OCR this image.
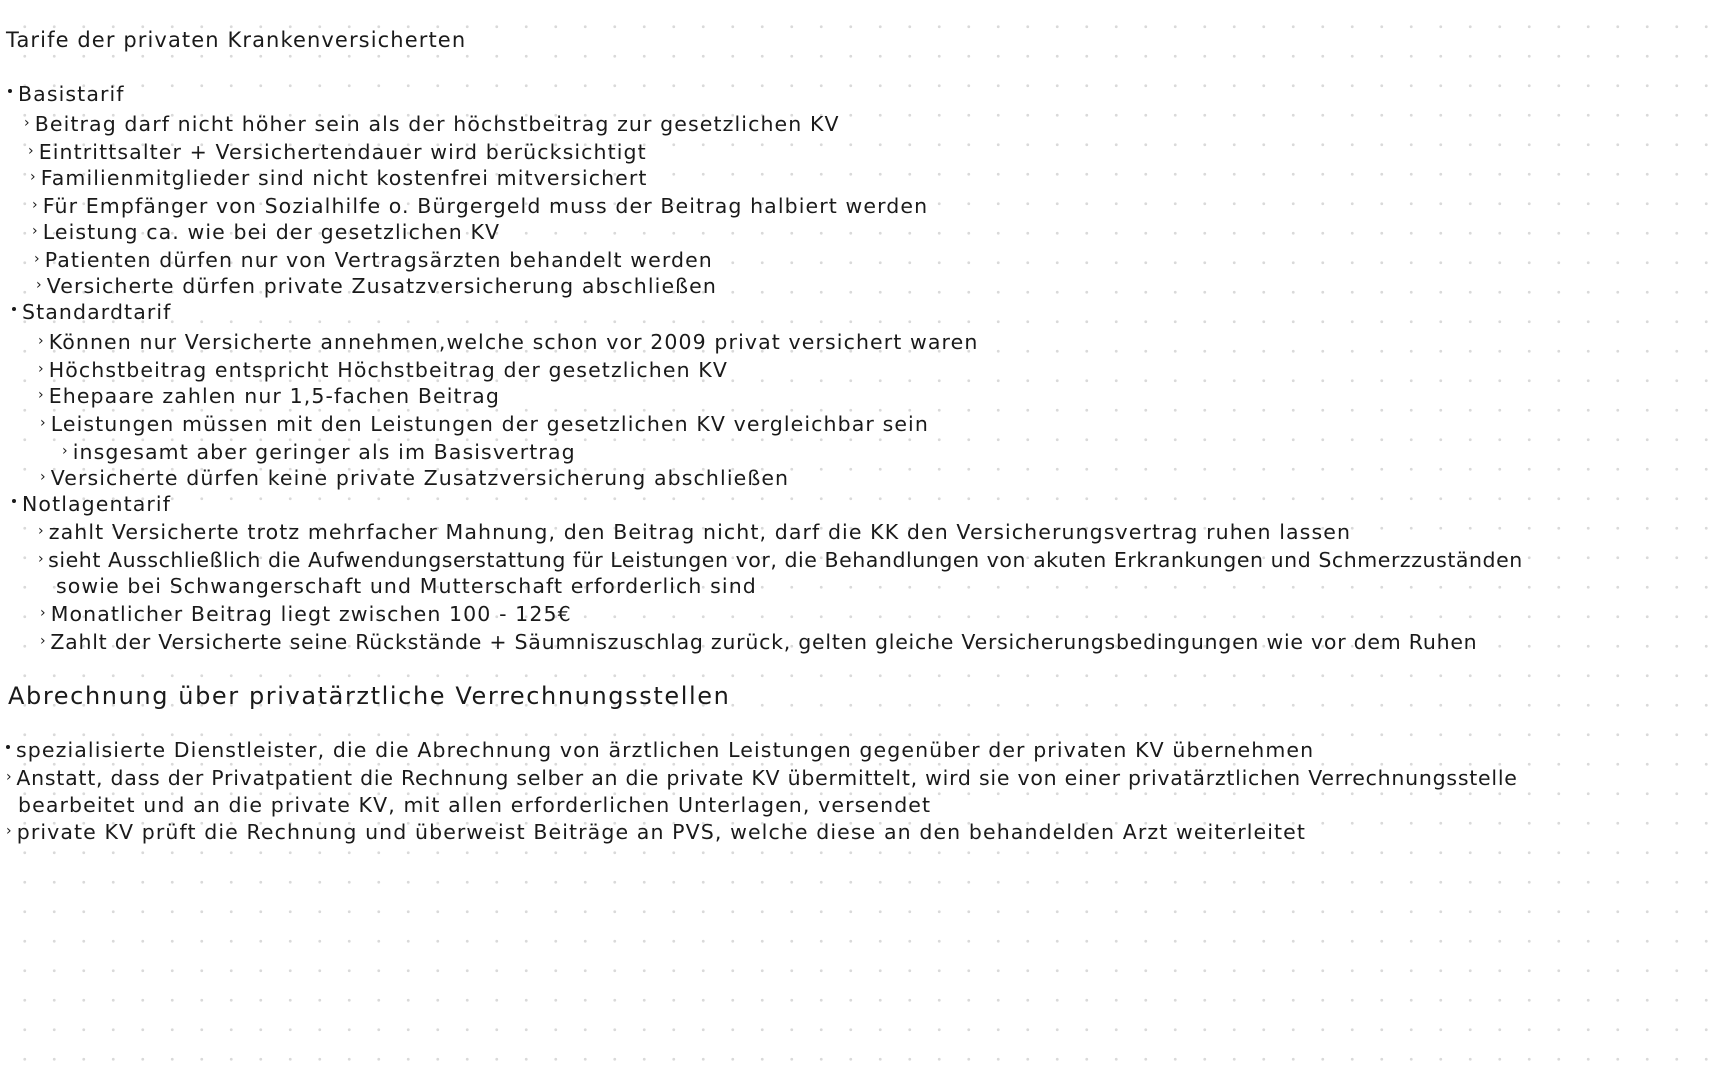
Tarife der privaten Krankenversicherten
Basistarif
› Beitrag darf nicht höher sein als der höchstbeitrag zur gesetzlichen KV
› Eintrittsalter + Versichertendauer wird berücksichtigt
› Familienmitglieder sind nicht kostenfrei mitversichert
› Für Empfänger von Sozialhilfe o. Bürgergeld muss der Beitrag halbiert werden
› Leistung ca. wie bei der gesetzlichen KV
› Patienten dürfen nur von Vertragsärzten behandelt werden
› Versicherte dürfen private Zusatzversicherung abschließen
Standardtarif
› Können nur Versicherte annehmen,welche schon vor 2009 privat versichert waren
› Höchstbeitrag entspricht Höchstbeitrag der gesetzlichen KV
› Ehepaare zahlen nur 1,5-fachen Beitrag
› Leistungen müssen mit den Leistungen der gesetzlichen KV vergleichbar sein
› insgesamt aber geringer als im Basisvertrag
› Versicherte dürfen keine private Zusatzversicherung abschließen
Notlagentarif
› zahlt Versicherte trotz mehrfacher Mahnung, den Beitrag nicht, darf die KK den Versicherungsvertrag ruhen lassen
› sieht Ausschließlich die Aufwendungserstattung für Leistungen vor, die Behandlungen von akuten Erkrankungen und Schmerzzuständen
sowie bei Schwangerschaft und Mutterschaft erforderlich sind
› Monatlicher Beitrag liegt zwischen 100 - 125€
› Zahlt der Versicherte seine Rückstände + Säumniszuschlag zurück, gelten gleiche Versicherungsbedingungen wie vor dem Ruhen
Abrechnung über privatärztliche Verrechnungsstellen
spezialisierte Dienstleister, die die Abrechnung von ärztlichen Leistungen gegenüber der privaten KV übernehmen
› Anstatt, dass der Privatpatient die Rechnung selber an die private KV übermittelt, wird sie von einer privatärztlichen Verrechnungsstelle
bearbeitet und an die private KV, mit allen erforderlichen Unterlagen, versendet
› private KV prüft die Rechnung und überweist Beiträge an PVS, welche diese an den behandelden Arzt weiterleitet
